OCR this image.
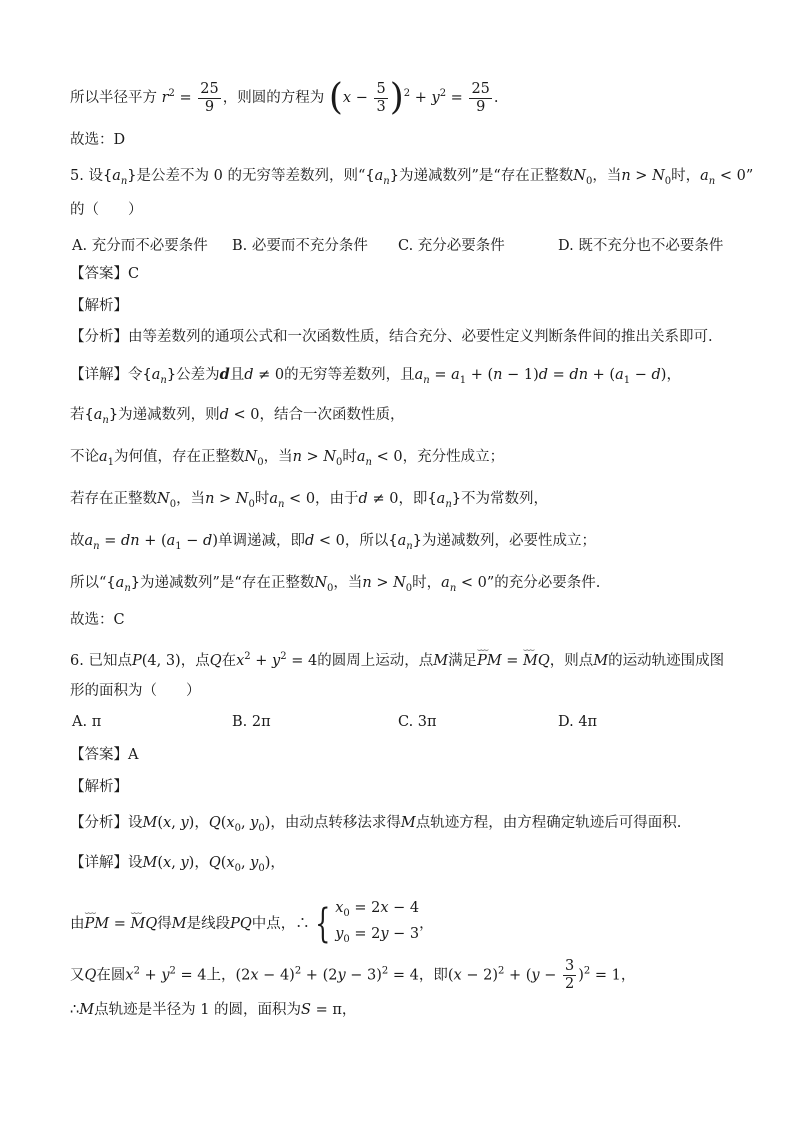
所以半径平方 $r^2 = \frac{25}{9}$ ，则圆的方程为 $(x - \frac{5}{3} )^2 + y^2 = \frac{25}{9}$ .
故选：D
5. 设$\{a_n\}$是公差不为 0 的无穷等差数列，则“$\{a_n\}$为递减数列”是“存在正整数$N_0$，当$n > N_0$时，$a_n < 0$”
的（　　）
A. 充分而不必要条件 B. 必要而不充分条件 C. 充分必要条件	D. 既不充分也不必要条件
【答案】C
【解析】
【分析】由等差数列的通项公式和一次函数性质，结合充分、必要性定义判断条件间的推出关系即可.
【详解】令$\{a_n\}$公差为d且d ≠ 0的无穷等差数列，且$a_n = a_1 + (n - 1)d$ = dn + $(a_1 - d)$，
若$\{a_n\}$为递减数列，则d < 0，结合一次函数性质，
不论$a_1$为何值，存在正整数$N_0$，当$n > N_0$时$a_n < 0$，充分性成立；
若存在正整数$N_0$，当$n > N_0$时$a_n < 0$，由于d ≠ 0，即$\{a_n\}$不为常数列，
故$a_n$ = dn + $(a_1 - d)$单调递减，即d < 0，所以$\{a_n\}$为递减数列，必要性成立；
所以“$\{a_n\}$为递减数列”是“存在正整数$N_0$，当$n > N_0$时，$a_n < 0$”的充分必要条件.
故选：C
6. 已知点P(4, 3)，点Q在$x^2 + y^2 = 4$的圆周上运动，点M满足⌣⌣⌣ PM = ⌣⌣⌣ MQ，则点M的运动轨迹围成图
形的面积为（　　）
A. π	B. 2π	C. 3π	D. 4π
【答案】A
【解析】
【分析】设M(x, y)，$Q(x_0$, $y_0$)，由动点转移法求得M点轨迹方程，由方程确定轨迹后可得面积.
【详解】设M(x, y)，$Q(x_0$, $y_0$)，
由⌣⌣⌣ PM = ⌣⌣⌣ MQ得M是线段PQ中点，∴ { $x_0 = 2x - 4$
$y_0 = 2y - 3$
，
又Q在圆$x^2 + y^2 = 4$上，$(2x - 4)^2 + (2y - 3)^2 = 4$，即$(x - 2)^2 + (y - \frac{3}{2} )^2 = 1$，
∴M点轨迹是半径为 1 的圆，面积为S = π，
